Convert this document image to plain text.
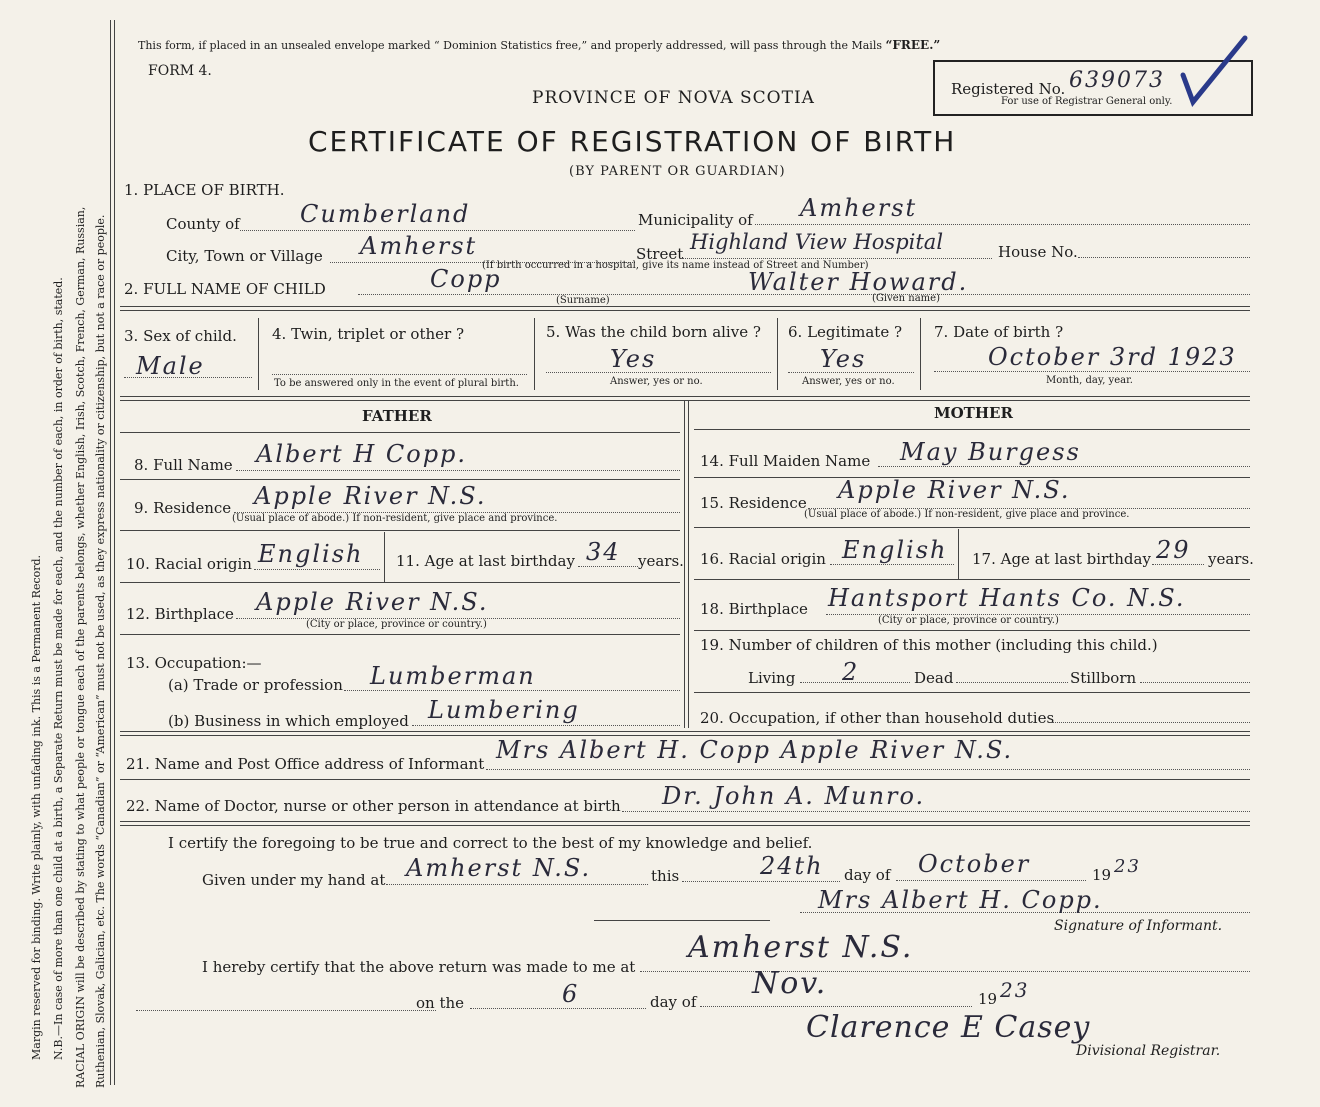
Margin reserved for binding. Write plainly, with unfading ink. This is a Permanent Record. N.B.—In case of more than one child at a birth, a Separate Return must be made for each, and the number of each, in order of birth, stated. RACIAL ORIGIN will be described by stating to what people or tongue each of the parents belongs, whether English, Irish, Scotch, French, German, Russian, Ruthenian, Slovak, Galician, etc. The words “Canadian” or “American” must not be used, as they express nationality or citizenship, but not a race or people.
This form, if placed in an unsealed envelope marked “ Dominion Statistics free,” and properly addressed, will pass through the Mails “FREE.”
FORM 4.
PROVINCE OF NOVA SCOTIA	Registered No. 639073
For use of Registrar General only.
CERTIFICATE OF REGISTRATION OF BIRTH
(BY PARENT OR GUARDIAN)
1. PLACE OF BIRTH.
County of	Cumberland	Municipality of Amherst
City, Town or Village Amherst	Street Highland View Hospital	House No.
(If birth occurred in a hospital, give its name instead of Street and Number)
2. FULL NAME OF CHILD	Copp
(Surname)
Walter Howard.
(Given name)
3. Sex of child.
Male
4. Twin, triplet or other ?
To be answered only in the event of plural birth.
5. Was the child born alive ?
Yes
Answer, yes or no.
6. Legitimate ?
Yes
Answer, yes or no.
7. Date of birth ?
October 3rd 1923
Month, day, year.
FATHER	MOTHER
8. Full Name Albert H Copp.
9. Residence Apple River N.S.
(Usual place of abode.) If non-resident, give place and province.
10. Racial origin English 11. Age at last birthday 34 years.
12. Birthplace Apple River N.S.
(City or place, province or country.)
13. Occupation:—
(a) Trade or profession Lumberman
(b) Business in which employed Lumbering
14. Full Maiden Name May Burgess
15. Residence Apple River N.S.
(Usual place of abode.) If non-resident, give place and province.
16. Racial origin English 17. Age at last birthday 29 years.
18. Birthplace Hantsport Hants Co. N.S.
(City or place, province or country.)
19. Number of children of this mother (including this child.)
Living 2	Dead	Stillborn
20. Occupation, if other than household duties
21. Name and Post Office address of Informant Mrs Albert H. Copp Apple River N.S.
22. Name of Doctor, nurse or other person in attendance at birth Dr. John A. Munro.
I certify the foregoing to be true and correct to the best of my knowledge and belief.
Given under my hand at Amherst N.S.	this	24th day of October	19 23
Mrs Albert H. Copp.
Signature of Informant.
I hereby certify that the above return was made to me at
Amherst N.S.
on the	6	day of
Nov.	19 23
Clarence E Casey
Divisional Registrar.
